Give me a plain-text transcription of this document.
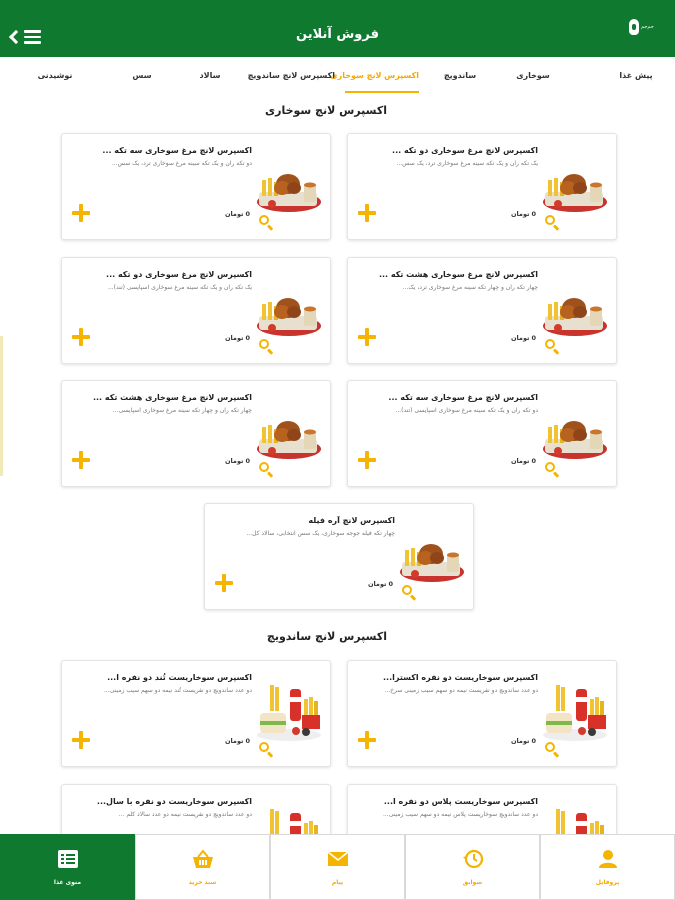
فروش آنلاین	جم‌جم
پیش غذا
سوخاری
ساندویچ
اکسپرس لانچ سوخاری
اکسپرس لانچ ساندویچ
سالاد
سس
نوشیدنی
اکسپرس لانچ سوخاری
اکسپرس لانچ مرغ سوخاری دو تکه ...
یک تکه ران و یک تکه سینه مرغ سوخاری ترد، یک سس...
0تومان
اکسپرس لانچ مرغ سوخاری سه تکه ...
دو تکه ران و یک تکه سینه مرغ سوخاری ترد، یک سس...
0تومان
اکسپرس لانچ مرغ سوخاری هشت تکه ...
چهار تکه ران و چهار تکه سینه مرغ سوخاری ترد، یک...
0تومان
اکسپرس لانچ مرغ سوخاری دو تکه ...
یک تکه ران و یک تکه سینه مرغ سوخاری اسپایسی (تند)...
0تومان
اکسپرس لانچ مرغ سوخاری سه تکه ...
دو تکه ران و یک تکه سینه مرغ سوخاری اسپایسی (تند)...
0تومان
اکسپرس لانچ مرغ سوخاری هشت تکه ...
چهار تکه ران و چهار تکه سینه مرغ سوخاری اسپایسی...
0تومان
اکسپرس لانچ آره فیله
چهار تکه فیله جوجه سوخاری، یک سس انتخابی، سالاد کل...
0تومان
اکسپرس لانچ ساندویچ
اکسپرس سوخاریست دو نفره اکسترا...
دو عدد ساندویچ دو نفریست نیمه دو سهم سیب زمینی سرخ...
0تومان
اکسپرس سوخاریست تُند دو نفره ا...
دو عدد ساندویچ دو نفریست تُند نیمه دو سهم سیب زمینی...
0تومان
اکسپرس سوخاریست پلاس دو نفره ا...
دو عدد ساندویچ سوخاریست پلاس نیمه دو سهم سیب زمینی...
اکسپرس سوخاریست دو نفره با سال...
دو عدد ساندویچ دو نفریست نیمه دو عدد سالاد کلم ...
منوی غذا	سبد خرید	پیام	سوابق	پروفایل
